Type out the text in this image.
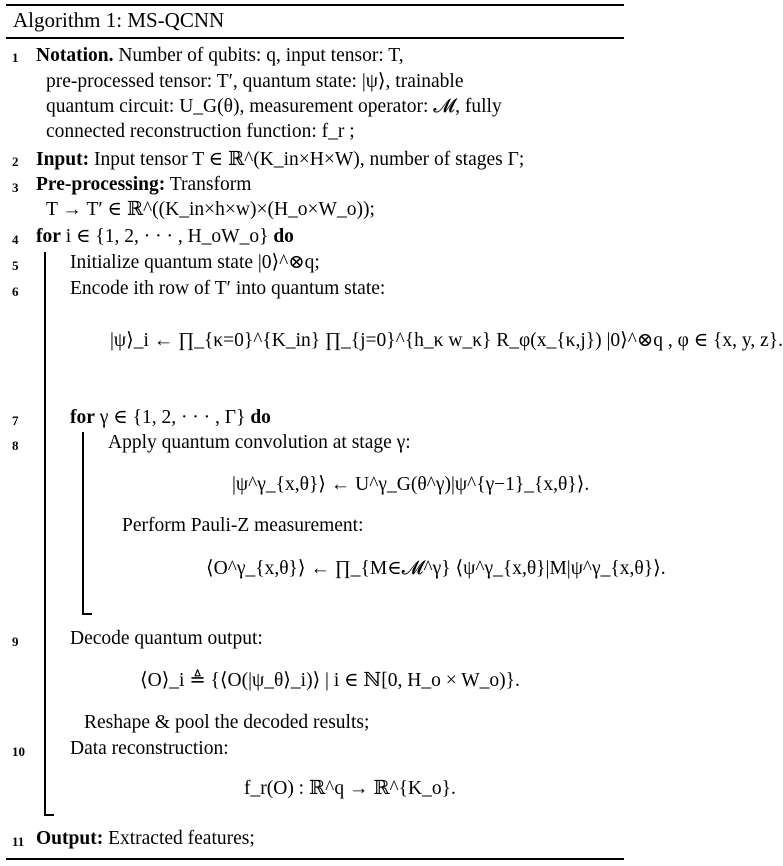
Algorithm 1: MS-QCNN
1 Notation. Number of qubits: q, input tensor: T,
pre-processed tensor: T′, quantum state: |ψ⟩, trainable
quantum circuit: U_G(θ), measurement operator: 𝓜, fully
connected reconstruction function: f_r ;
2 Input: Input tensor T ∈ ℝ^(K_in×H×W), number of stages Γ;
3 Pre-processing: Transform
T → T′ ∈ ℝ^((K_in×h×w)×(H_o×W_o));
4 for i ∈ {1, 2, · · · , H_oW_o} do
5	Initialize quantum state |0⟩^⊗q;
6	Encode ith row of T′ into quantum state:
|ψ⟩_i ← ∏_{κ=0}^{K_in} ∏_{j=0}^{h_κ w_κ} R_φ(x_{κ,j}) |0⟩^⊗q , φ ∈ {x, y, z}.
7	for γ ∈ {1, 2, · · · , Γ} do
8	Apply quantum convolution at stage γ:
|ψ^γ_{x,θ}⟩ ← U^γ_G(θ^γ)|ψ^{γ−1}_{x,θ}⟩.
Perform Pauli-Z measurement:
⟨O^γ_{x,θ}⟩ ← ∏_{M∈𝓜^γ} ⟨ψ^γ_{x,θ}|M|ψ^γ_{x,θ}⟩.
9	Decode quantum output:
⟨O⟩_i ≜ {⟨O(|ψ_θ⟩_i)⟩ | i ∈ ℕ[0, H_o × W_o)}.
Reshape & pool the decoded results;
10 Data reconstruction:
f_r(O) : ℝ^q → ℝ^{K_o}.
11 Output: Extracted features;
